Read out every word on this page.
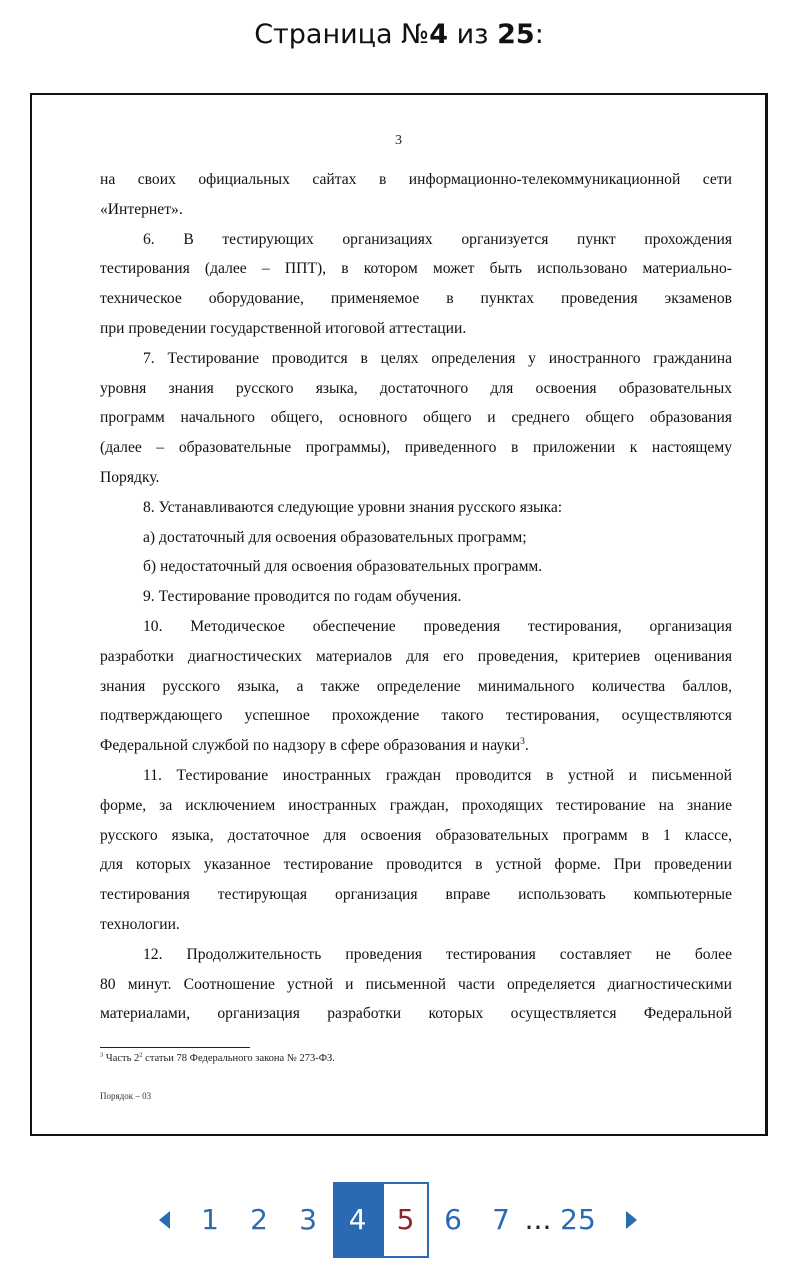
Страница №4 из 25:
3

на своих официальных сайтах в информационно-телекоммуникационной сети

«Интернет».

6. В тестирующих организациях организуется пункт прохождения

тестирования (далее – ППТ), в котором может быть использовано материально-

техническое оборудование, применяемое в пунктах проведения экзаменов

при проведении государственной итоговой аттестации.

7. Тестирование проводится в целях определения у иностранного гражданина

уровня знания русского языка, достаточного для освоения образовательных

программ начального общего, основного общего и среднего общего образования

(далее – образовательные программы), приведенного в приложении к настоящему

Порядку.

8. Устанавливаются следующие уровни знания русского языка:

а) достаточный для освоения образовательных программ;

б) недостаточный для освоения образовательных программ.

9. Тестирование проводится по годам обучения.

10. Методическое обеспечение проведения тестирования, организация

разработки диагностических материалов для его проведения, критериев оценивания

знания русского языка, а также определение минимального количества баллов,

подтверждающего успешное прохождение такого тестирования, осуществляются

Федеральной службой по надзору в сфере образования и науки$^3$.

11. Тестирование иностранных граждан проводится в устной и письменной

форме, за исключением иностранных граждан, проходящих тестирование на знание

русского языка, достаточное для освоения образовательных программ в 1 классе,

для которых указанное тестирование проводится в устной форме. При проведении

тестирования тестирующая организация вправе использовать компьютерные

технологии.

12. Продолжительность проведения тестирования составляет не более

80 минут. Соотношение устной и письменной части определяется диагностическими

материалами, организация разработки которых осуществляется Федеральной

$^3$ Часть $2^2$ статьи 78 Федерального закона № 273-ФЗ.
Порядок – 03
1	2	3	4	5	6	7 ... 25
